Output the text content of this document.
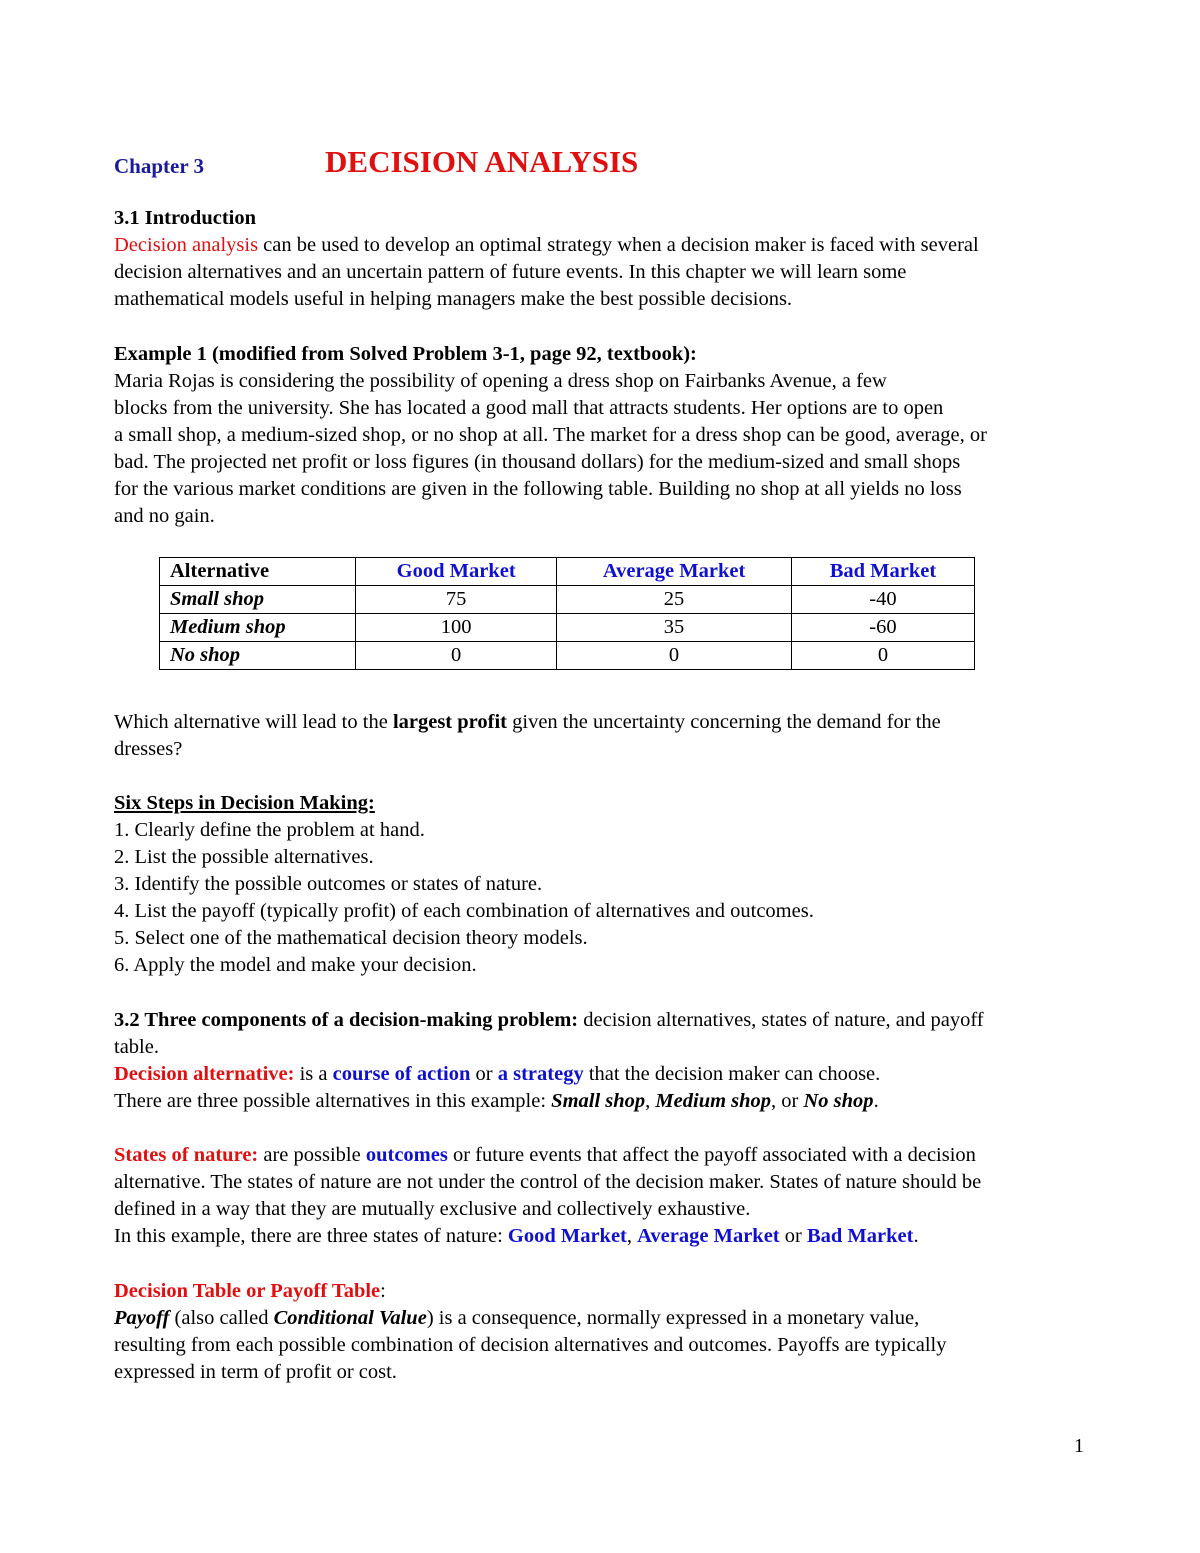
Chapter 3	DECISION ANALYSIS
3.1 Introduction
Decision analysis can be used to develop an optimal strategy when a decision maker is faced with several
decision alternatives and an uncertain pattern of future events. In this chapter we will learn some
mathematical models useful in helping managers make the best possible decisions.
Example 1 (modified from Solved Problem 3-1, page 92, textbook):
Maria Rojas is considering the possibility of opening a dress shop on Fairbanks Avenue, a few
blocks from the university. She has located a good mall that attracts students. Her options are to open
a small shop, a medium-sized shop, or no shop at all. The market for a dress shop can be good, average, or
bad. The projected net profit or loss figures (in thousand dollars) for the medium-sized and small shops
for the various market conditions are given in the following table. Building no shop at all yields no loss
and no gain.
Alternative	Good Market	Average Market	Bad Market
Small shop	75	25	-40
Medium shop	100	35	-60
No shop	0	0	0
Which alternative will lead to the largest profit given the uncertainty concerning the demand for the
dresses?
Six Steps in Decision Making:
1. Clearly define the problem at hand.
2. List the possible alternatives.
3. Identify the possible outcomes or states of nature.
4. List the payoff (typically profit) of each combination of alternatives and outcomes.
5. Select one of the mathematical decision theory models.
6. Apply the model and make your decision.
3.2 Three components of a decision-making problem: decision alternatives, states of nature, and payoff
table.
Decision alternative: is a course of action or a strategy that the decision maker can choose.
There are three possible alternatives in this example: Small shop, Medium shop, or No shop.
States of nature: are possible outcomes or future events that affect the payoff associated with a decision
alternative. The states of nature are not under the control of the decision maker. States of nature should be
defined in a way that they are mutually exclusive and collectively exhaustive.
In this example, there are three states of nature: Good Market, Average Market or Bad Market.
Decision Table or Payoff Table:
Payoff (also called Conditional Value) is a consequence, normally expressed in a monetary value,
resulting from each possible combination of decision alternatives and outcomes. Payoffs are typically
expressed in term of profit or cost.
1
